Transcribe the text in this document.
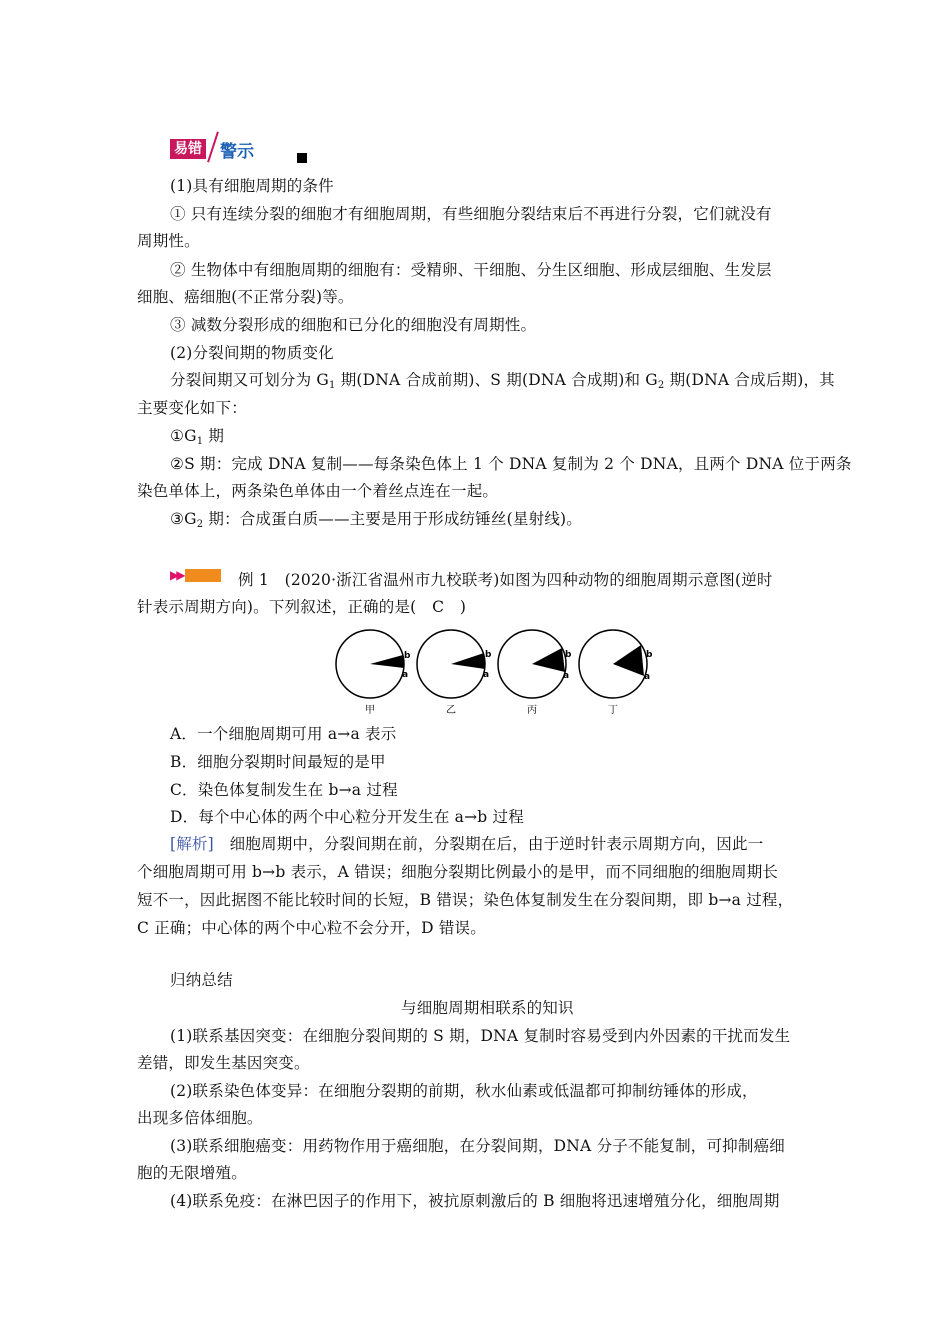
易错 警示
(1)具有细胞周期的条件
① 只有连续分裂的细胞才有细胞周期，有些细胞分裂结束后不再进行分裂，它们就没有
周期性。
② 生物体中有细胞周期的细胞有：受精卵、干细胞、分生区细胞、形成层细胞、生发层
细胞、癌细胞(不正常分裂)等。
③ 减数分裂形成的细胞和已分化的细胞没有周期性。
(2)分裂间期的物质变化
分裂间期又可划分为 $G_1$ 期(DNA 合成前期)、S 期(DNA 合成期)和 $G_2$ 期(DNA 合成后期)，其
主要变化如下：
$①G_1$ 期
②S 期：完成 DNA 复制——每条染色体上 1 个 DNA 复制为 2 个 DNA，且两个 DNA 位于两条
染色单体上，两条染色单体由一个着丝点连在一起。
$③G_2$ 期：合成蛋白质——主要是用于形成纺锤丝(星射线)。
▶▶	例 1　(2020·浙江省温州市九校联考)如图为四种动物的细胞周期示意图(逆时
针表示周期方向)。下列叙述，正确的是(　C　)
b
a
甲
b
a
乙
b
a
丙
b
a
丁
A．一个细胞周期可用 a→a 表示
B．细胞分裂期时间最短的是甲
C．染色体复制发生在 b→a 过程
D．每个中心体的两个中心粒分开发生在 a→b 过程
[解析]　细胞周期中，分裂间期在前，分裂期在后，由于逆时针表示周期方向，因此一
个细胞周期可用 b→b 表示，A 错误；细胞分裂期比例最小的是甲，而不同细胞的细胞周期长
短不一，因此据图不能比较时间的长短，B 错误；染色体复制发生在分裂间期，即 b→a 过程，
C 正确；中心体的两个中心粒不会分开，D 错误。
归纳总结
与细胞周期相联系的知识
(1)联系基因突变：在细胞分裂间期的 S 期，DNA 复制时容易受到内外因素的干扰而发生
差错，即发生基因突变。
(2)联系染色体变异：在细胞分裂期的前期，秋水仙素或低温都可抑制纺锤体的形成，
出现多倍体细胞。
(3)联系细胞癌变：用药物作用于癌细胞，在分裂间期，DNA 分子不能复制，可抑制癌细
胞的无限增殖。
(4)联系免疫：在淋巴因子的作用下，被抗原刺激后的 B 细胞将迅速增殖分化，细胞周期
